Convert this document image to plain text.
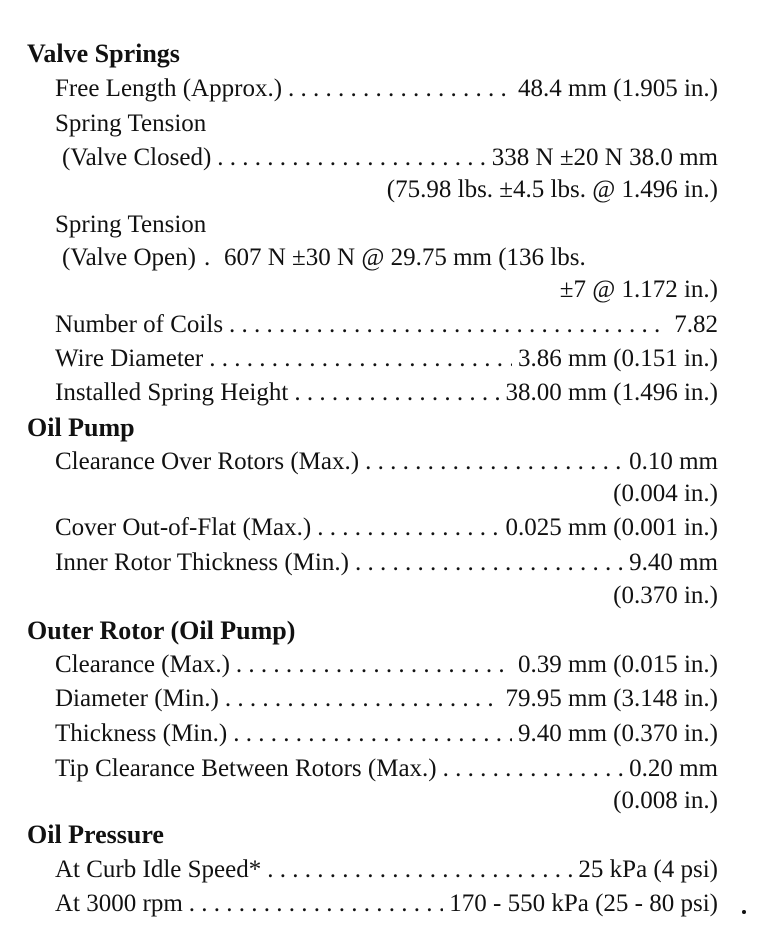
Valve Springs
Free Length (Approx.) . . .	48.4 mm (1.905 in.)
Spring Tension
(Valve Closed) . . .	338 N ±20 N 38.0 mm
(75.98 lbs. ±4.5 lbs. @ 1.496 in.)
Spring Tension
(Valve Open) . . . 607 N ±30 N @ 29.75 mm (136 lbs.
±7 @ 1.172 in.)
Number of Coils . . .	7.82
Wire Diameter . . .	3.86 mm (0.151 in.)
Installed Spring Height . . .	38.00 mm (1.496 in.)
Oil Pump
Clearance Over Rotors (Max.) . . .	0.10 mm
(0.004 in.)
Cover Out-of-Flat (Max.) . . .	0.025 mm (0.001 in.)
Inner Rotor Thickness (Min.) . . .	9.40 mm
(0.370 in.)
Outer Rotor (Oil Pump)
Clearance (Max.) . . .	0.39 mm (0.015 in.)
Diameter (Min.) . . .	79.95 mm (3.148 in.)
Thickness (Min.) . . .	9.40 mm (0.370 in.)
Tip Clearance Between Rotors (Max.) . . .	0.20 mm
(0.008 in.)
Oil Pressure
At Curb Idle Speed* . . .	25 kPa (4 psi)
At 3000 rpm . . .	170 - 550 kPa (25 - 80 psi)
